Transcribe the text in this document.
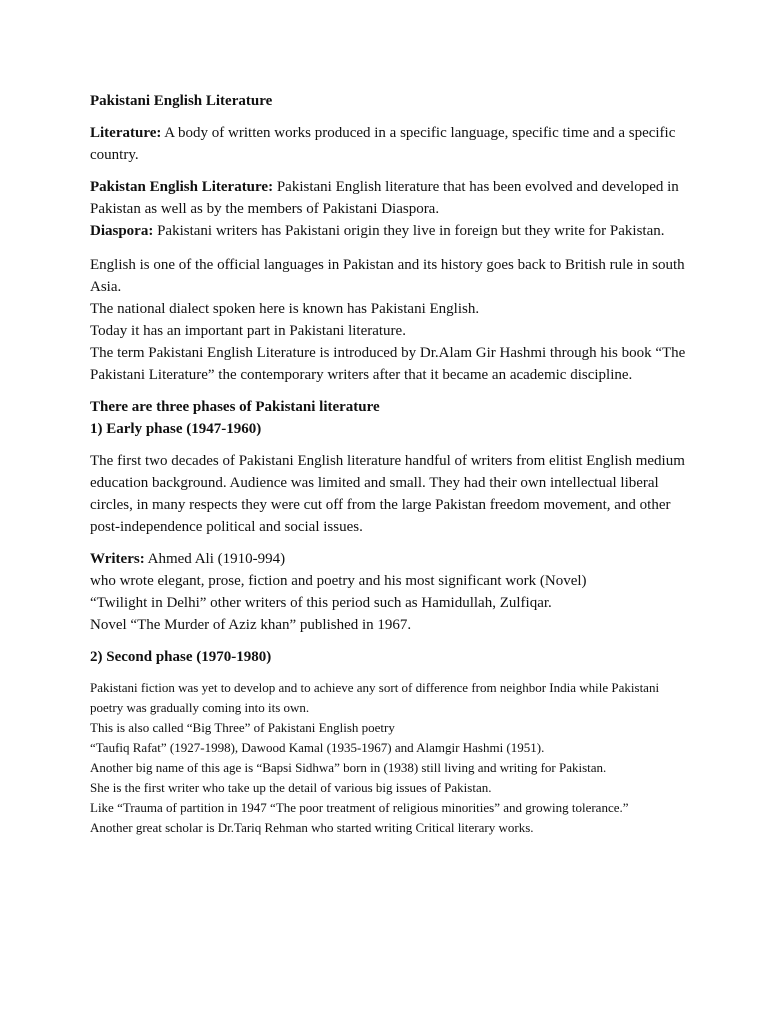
Pakistani English Literature

Literature: A body of written works produced in a specific language, specific time and a specific country.

Pakistan English Literature: Pakistani English literature that has been evolved and developed in Pakistan as well as by the members of Pakistani Diaspora.

Diaspora: Pakistani writers has Pakistani origin they live in foreign but they write for Pakistan.

English is one of the official languages in Pakistan and its history goes back to British rule in south Asia.

The national dialect spoken here is known has Pakistani English.

Today it has an important part in Pakistani literature.

The term Pakistani English Literature is introduced by Dr.Alam Gir Hashmi through his book “The Pakistani Literature” the contemporary writers after that it became an academic discipline.

There are three phases of Pakistani literature

1) Early phase (1947-1960)

The first two decades of Pakistani English literature handful of writers from elitist English medium education background. Audience was limited and small. They had their own intellectual liberal circles, in many respects they were cut off from the large Pakistan freedom movement, and other post-independence political and social issues.

Writers: Ahmed Ali (1910-994)

who wrote elegant, prose, fiction and poetry and his most significant work (Novel)

“Twilight in Delhi” other writers of this period such as Hamidullah, Zulfiqar.

Novel “The Murder of Aziz khan” published in 1967.

2) Second phase (1970-1980)

Pakistani fiction was yet to develop and to achieve any sort of difference from neighbor India while Pakistani poetry was gradually coming into its own.

This is also called “Big Three” of Pakistani English poetry

“Taufiq Rafat” (1927-1998), Dawood Kamal (1935-1967) and Alamgir Hashmi (1951).

Another big name of this age is “Bapsi Sidhwa” born in (1938) still living and writing for Pakistan.

She is the first writer who take up the detail of various big issues of Pakistan.

Like “Trauma of partition in 1947 “The poor treatment of religious minorities” and growing tolerance.”

Another great scholar is Dr.Tariq Rehman who started writing Critical literary works.
